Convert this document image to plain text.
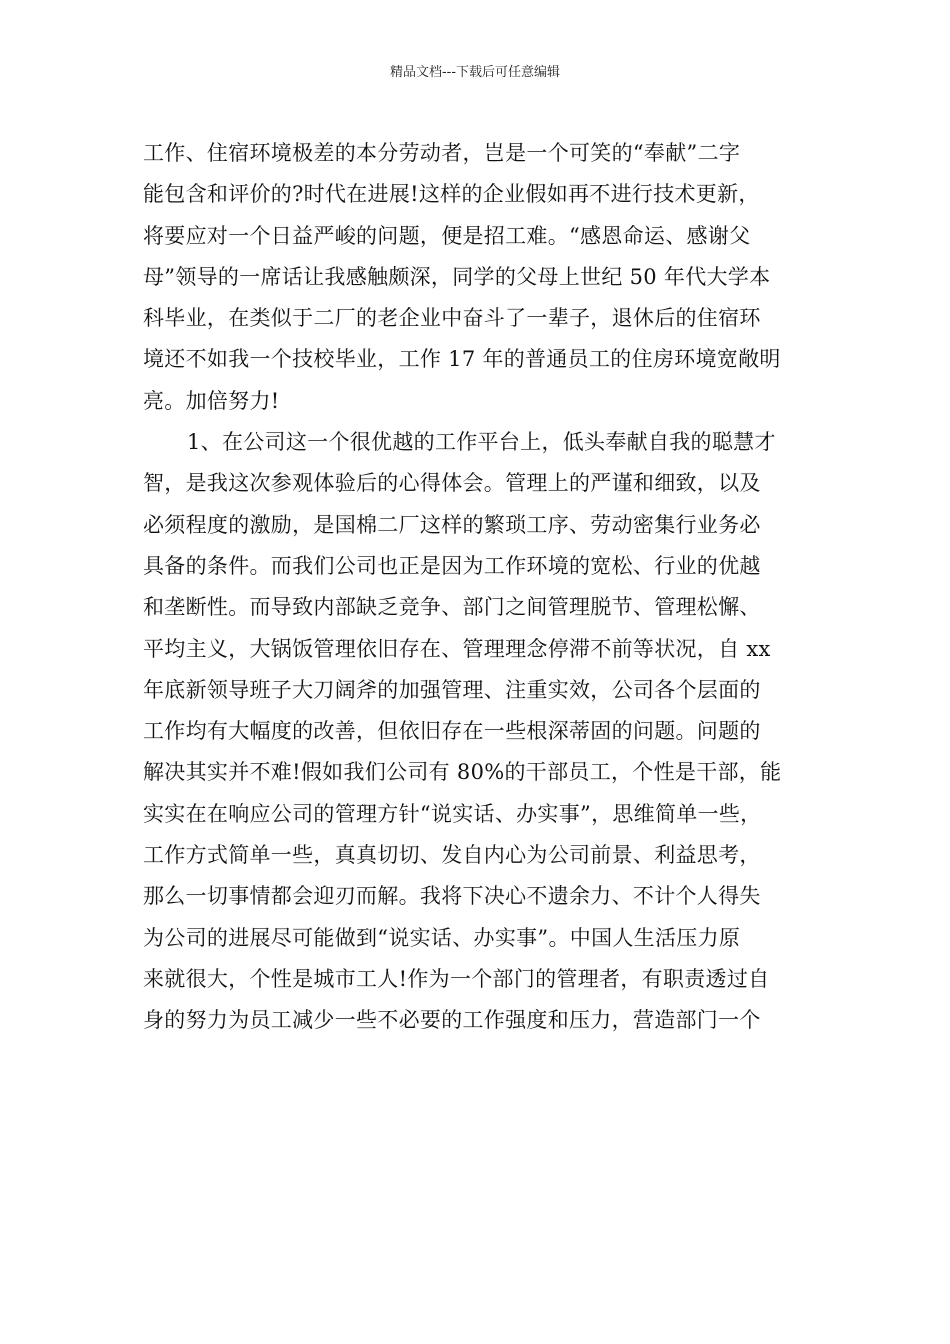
精品文档---下载后可任意编辑
工作、住宿环境极差的本分劳动者，岂是一个可笑的“奉献”二字
能包含和评价的?时代在进展!这样的企业假如再不进行技术更新，
将要应对一个日益严峻的问题，便是招工难。“感恩命运、感谢父
母”领导的一席话让我感触颇深，同学的父母上世纪 50 年代大学本
科毕业，在类似于二厂的老企业中奋斗了一辈子，退休后的住宿环
境还不如我一个技校毕业，工作 17 年的普通员工的住房环境宽敞明
亮。加倍努力!
1、在公司这一个很优越的工作平台上，低头奉献自我的聪慧才
智，是我这次参观体验后的心得体会。管理上的严谨和细致，以及
必须程度的激励，是国棉二厂这样的繁琐工序、劳动密集行业务必
具备的条件。而我们公司也正是因为工作环境的宽松、行业的优越
和垄断性。而导致内部缺乏竞争、部门之间管理脱节、管理松懈、
平均主义，大锅饭管理依旧存在、管理理念停滞不前等状况，自 xx
年底新领导班子大刀阔斧的加强管理、注重实效，公司各个层面的
工作均有大幅度的改善，但依旧存在一些根深蒂固的问题。问题的
解决其实并不难!假如我们公司有 80%的干部员工，个性是干部，能
实实在在响应公司的管理方针“说实话、办实事”，思维简单一些，
工作方式简单一些，真真切切、发自内心为公司前景、利益思考，
那么一切事情都会迎刃而解。我将下决心不遗余力、不计个人得失
为公司的进展尽可能做到“说实话、办实事”。中国人生活压力原
来就很大，个性是城市工人!作为一个部门的管理者，有职责透过自
身的努力为员工减少一些不必要的工作强度和压力，营造部门一个
